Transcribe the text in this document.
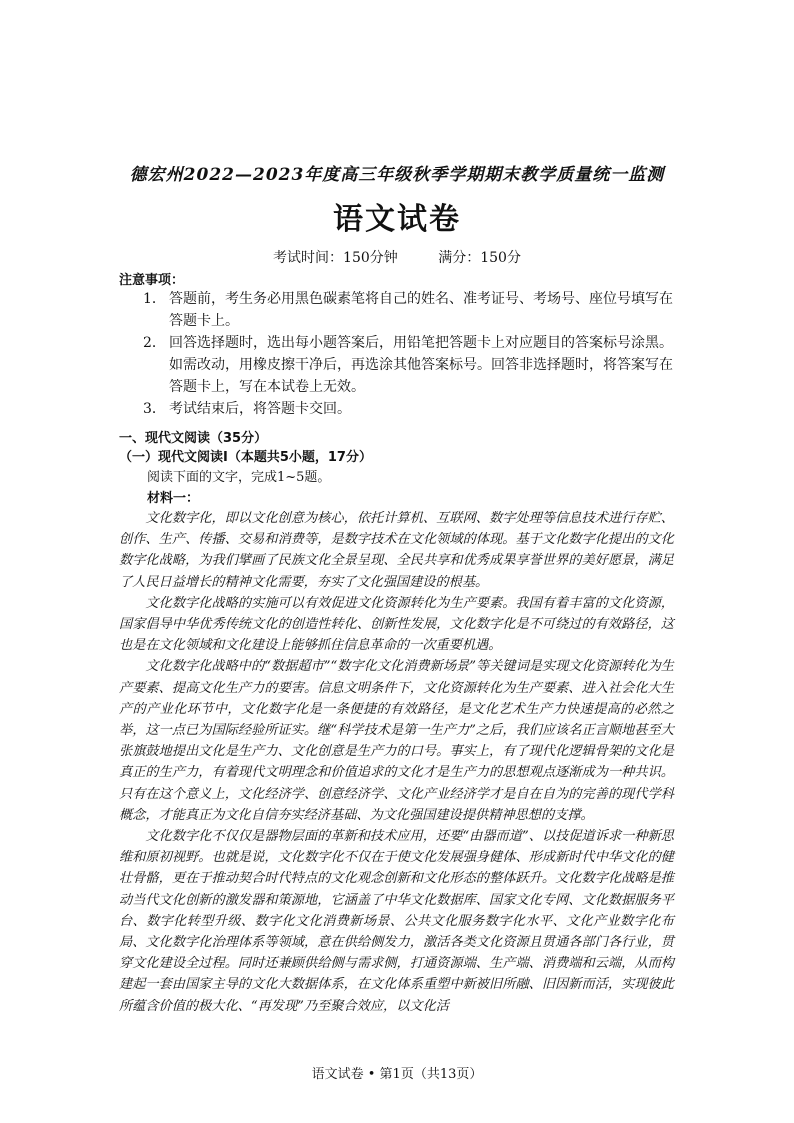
德宏州2022—2023年度高三年级秋季学期期末教学质量统一监测
语文试卷
考试时间：150分钟	满分：150分
注意事项：
1． 答题前，考生务必用黑色碳素笔将自己的姓名、准考证号、考场号、座位号填写在答题卡上。
2． 回答选择题时，选出每小题答案后，用铅笔把答题卡上对应题目的答案标号涂黑。如需改动，用橡皮擦干净后，再选涂其他答案标号。回答非选择题时，将答案写在答题卡上，写在本试卷上无效。
3． 考试结束后，将答题卡交回。
一、现代文阅读（35分）
（一）现代文阅读Ⅰ（本题共5小题，17分）
阅读下面的文字，完成1~5题。
材料一：

文化数字化，即以文化创意为核心，依托计算机、互联网、数字处理等信息技术进行存贮、创作、生产、传播、交易和消费等，是数字技术在文化领域的体现。基于文化数字化提出的文化数字化战略，为我们擘画了民族文化全景呈现、全民共享和优秀成果享誉世界的美好愿景，满足了人民日益增长的精神文化需要，夯实了文化强国建设的根基。

文化数字化战略的实施可以有效促进文化资源转化为生产要素。我国有着丰富的文化资源，国家倡导中华优秀传统文化的创造性转化、创新性发展，文化数字化是不可绕过的有效路径，这也是在文化领域和文化建设上能够抓住信息革命的一次重要机遇。

文化数字化战略中的“数据超市”“数字化文化消费新场景”等关键词是实现文化资源转化为生产要素、提高文化生产力的要害。信息文明条件下，文化资源转化为生产要素、进入社会化大生产的产业化环节中，文化数字化是一条便捷的有效路径，是文化艺术生产力快速提高的必然之举，这一点已为国际经验所证实。继“科学技术是第一生产力”之后，我们应该名正言顺地甚至大张旗鼓地提出文化是生产力、文化创意是生产力的口号。事实上，有了现代化逻辑骨架的文化是真正的生产力，有着现代文明理念和价值追求的文化才是生产力的思想观点逐渐成为一种共识。只有在这个意义上，文化经济学、创意经济学、文化产业经济学才是自在自为的完善的现代学科概念，才能真正为文化自信夯实经济基础、为文化强国建设提供精神思想的支撑。

文化数字化不仅仅是器物层面的革新和技术应用，还要“由器而道”、以技促道诉求一种新思维和原初视野。也就是说，文化数字化不仅在于使文化发展强身健体、形成新时代中华文化的健壮骨骼，更在于推动契合时代特点的文化观念创新和文化形态的整体跃升。文化数字化战略是推动当代文化创新的激发器和策源地，它涵盖了中华文化数据库、国家文化专网、文化数据服务平台、数字化转型升级、数字化文化消费新场景、公共文化服务数字化水平、文化产业数字化布局、文化数字化治理体系等领域，意在供给侧发力，激活各类文化资源且贯通各部门各行业，贯穿文化建设全过程。同时还兼顾供给侧与需求侧，打通资源端、生产端、消费端和云端，从而构建起一套由国家主导的文化大数据体系，在文化体系重塑中新被旧所融、旧因新而活，实现彼此所蕴含价值的极大化、“再发现”乃至聚合效应，以文化活

语文试卷 • 第1页（共13页）
